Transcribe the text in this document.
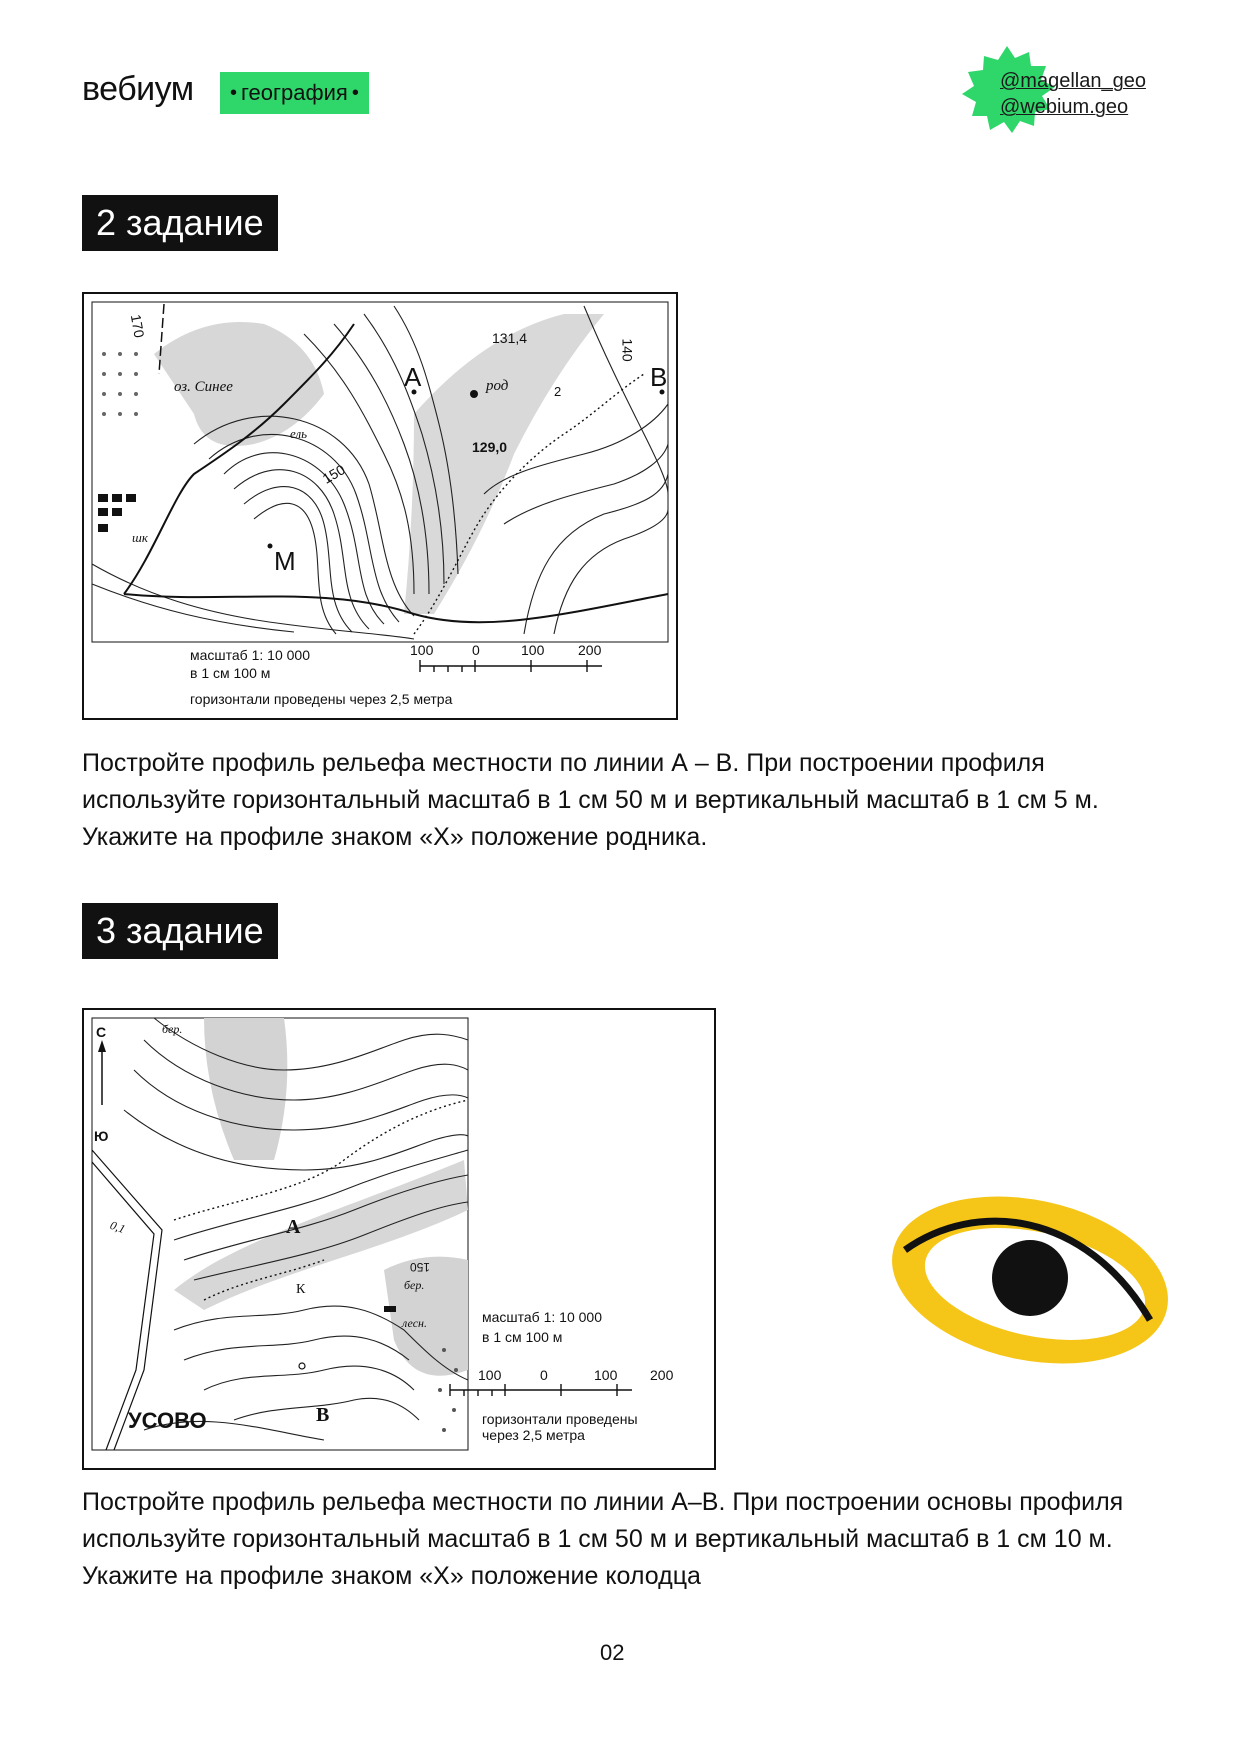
вебиум • география •
@magellan_geo
@webium.geo
2 задание
оз. Синее	А	В
М
род
131,4
129,0
150
140
170
ель
шк
2
масштаб 1: 10 000
в 1 см 100 м
горизонтали проведены через 2,5 метра
100	0	100 200
Постройте профиль рельефа местности по линии А – В. При построении профиля используйте горизонтальный масштаб в 1 см 50 м и вертикальный масштаб в 1 см 5 м. Укажите на профиле знаком «Х» положение родника.
3 задание
С
Ю
бер.
бер.
лесн.
А
В
К
УСОВО
150
0,1
масштаб 1: 10 000
в 1 см 100 м
горизонтали проведены
через 2,5 метра
100	0	100 200
Постройте профиль рельефа местности по линии А–В. При построении основы профиля используйте горизонтальный масштаб в 1 см 50 м и вертикальный масштаб в 1 см 10 м. Укажите на профиле знаком «Х» положение колодца
02
